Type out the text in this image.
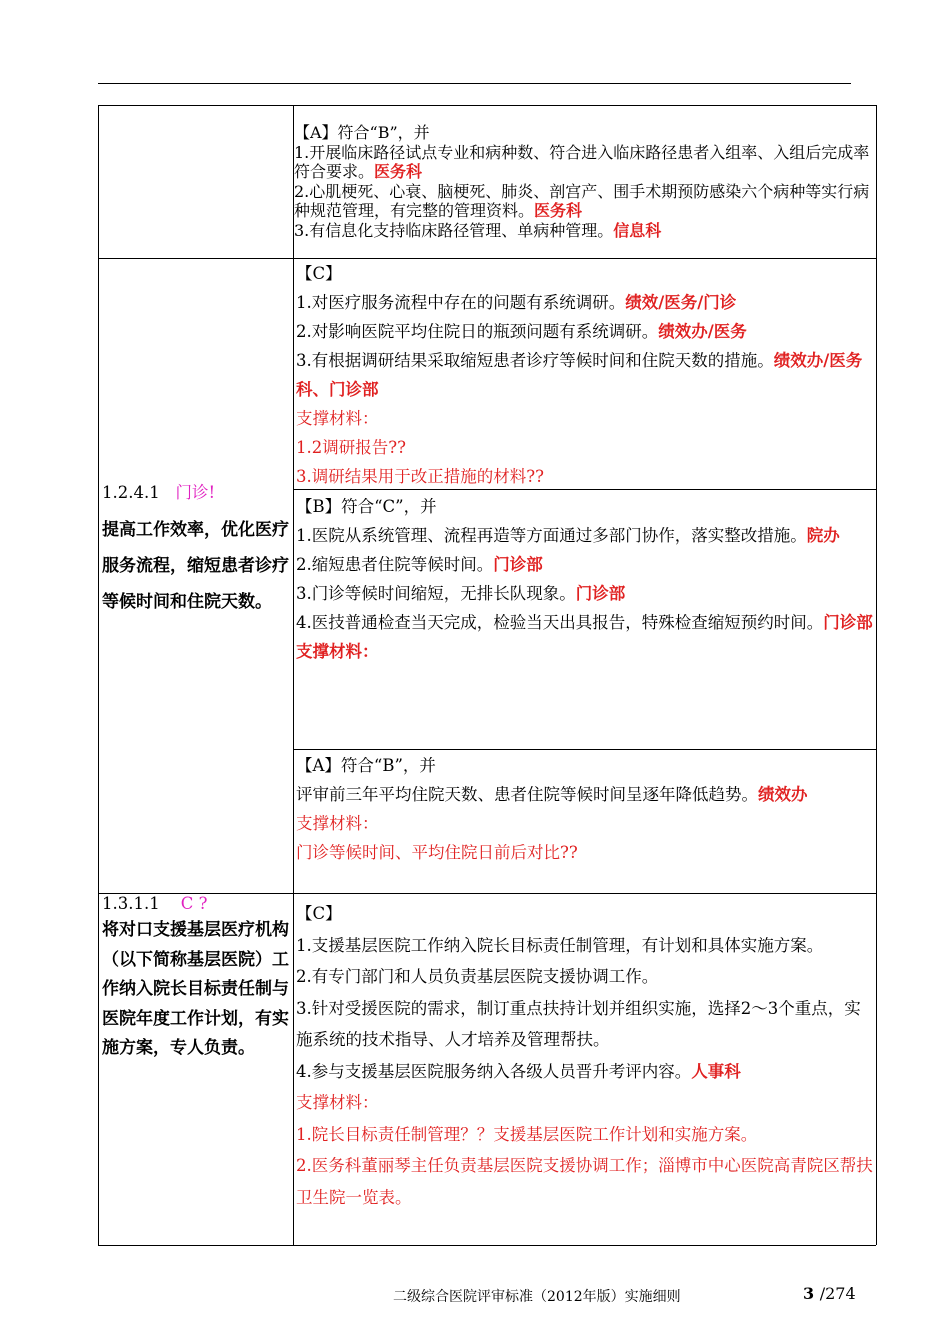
【A】符合“B”，并
1.开展临床路径试点专业和病种数、符合进入临床路径患者入组率、入组后完成率符合要求。医务科
2.心肌梗死、心衰、脑梗死、肺炎、剖宫产、围手术期预防感染六个病种等实行病种规范管理，有完整的管理资料。医务科
3.有信息化支持临床路径管理、单病种管理。信息科
1.2.4.1 门诊!
提高工作效率，优化医疗服务流程，缩短患者诊疗等候时间和住院天数。
【C】
1.对医疗服务流程中存在的问题有系统调研。绩效/医务/门诊
2.对影响医院平均住院日的瓶颈问题有系统调研。绩效办/医务
3.有根据调研结果采取缩短患者诊疗等候时间和住院天数的措施。绩效办/医务科、门诊部
支撑材料：
1.2调研报告??
3.调研结果用于改正措施的材料??
【B】符合“C”，并
1.医院从系统管理、流程再造等方面通过多部门协作，落实整改措施。院办
2.缩短患者住院等候时间。门诊部
3.门诊等候时间缩短，无排长队现象。门诊部
4.医技普通检查当天完成，检验当天出具报告，特殊检查缩短预约时间。门诊部
支撑材料：
【A】符合“B”，并
评审前三年平均住院天数、患者住院等候时间呈逐年降低趋势。绩效办
支撑材料：
门诊等候时间、平均住院日前后对比??
1.3.1.1 C ?
将对口支援基层医疗机构（以下简称基层医院）工作纳入院长目标责任制与医院年度工作计划，有实施方案，专人负责。
【C】
1.支援基层医院工作纳入院长目标责任制管理，有计划和具体实施方案。
2.有专门部门和人员负责基层医院支援协调工作。
3.针对受援医院的需求，制订重点扶持计划并组织实施，选择2～3个重点，实施系统的技术指导、人才培养及管理帮扶。
4.参与支援基层医院服务纳入各级人员晋升考评内容。人事科
支撑材料：
1.院长目标责任制管理？？支援基层医院工作计划和实施方案。
2.医务科董丽琴主任负责基层医院支援协调工作；淄博市中心医院高青院区帮扶卫生院一览表。
二级综合医院评审标准（2012年版）实施细则	3 /274
